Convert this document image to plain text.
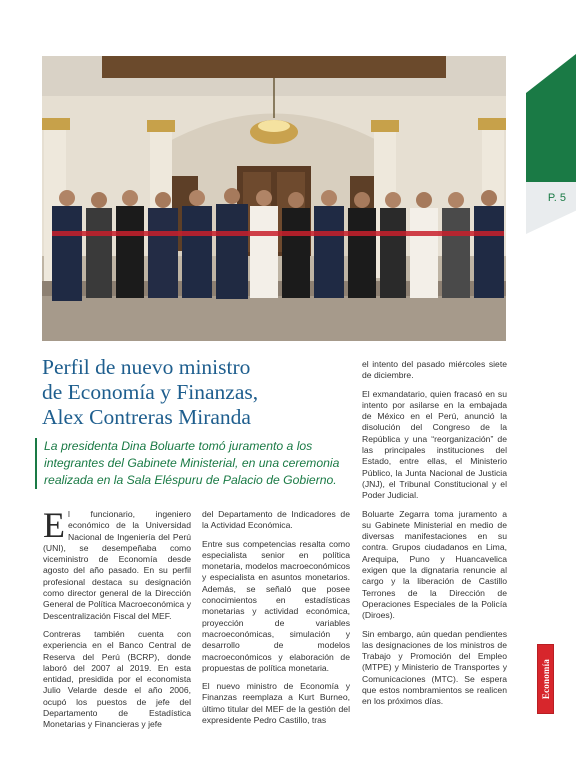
P. 5
Perfil de nuevo ministro
de Economía y Finanzas,
Alex Contreras Miranda
La presidenta Dina Boluarte tomó juramento a los integrantes del Gabinete Ministerial, en una ceremonia realizada en la Sala Eléspuru de Palacio de Gobierno.

El funcionario, ingeniero económico de la Universidad Nacional de Ingeniería del Perú (UNI), se desempeñaba como viceministro de Economía desde agosto del año pasado. En su perfil profesional destaca su designación como director general de la Dirección General de Política Macroeconómica y Descentralización Fiscal del MEF.

Contreras también cuenta con experiencia en el Banco Central de Reserva del Perú (BCRP), donde laboró del 2007 al 2019. En esta entidad, presidida por el economista Julio Velarde desde el año 2006, ocupó los puestos de jefe del Departamento de Estadística Monetarias y Financieras y jefe

del Departamento de Indicadores de la Actividad Económica.

Entre sus competencias resalta como especialista senior en política monetaria, modelos macroeconómicos y especialista en asuntos monetarios. Además, se señaló que posee conocimientos en estadísticas monetarias y actividad económica, proyección de variables macroeconómicas, simulación y desarrollo de modelos macroeconómicos y elaboración de propuestas de política monetaria.

El nuevo ministro de Economía y Finanzas reemplaza a Kurt Burneo, último titular del MEF de la gestión del expresidente Pedro Castillo, tras

el intento del pasado miércoles siete de diciembre.

El exmandatario, quien fracasó en su intento por asilarse en la embajada de México en el Perú, anunció la disolución del Congreso de la República y una “reorganización” de las principales instituciones del Estado, entre ellas, el Ministerio Público, la Junta Nacional de Justicia (JNJ), el Tribunal Constitucional y el Poder Judicial.

Boluarte Zegarra toma juramento a su Gabinete Ministerial en medio de diversas manifestaciones en su contra. Grupos ciudadanos en Lima, Arequipa, Puno y Huancavelica exigen que la dignataria renuncie al cargo y la liberación de Castillo Terrones de la Dirección de Operaciones Especiales de la Policía (Diroes).

Sin embargo, aún quedan pendientes las designaciones de los ministros de Trabajo y Promoción del Empleo (MTPE) y Ministerio de Transportes y Comunicaciones (MTC). Se espera que estos nombramientos se realicen en los próximos días.

Economía
